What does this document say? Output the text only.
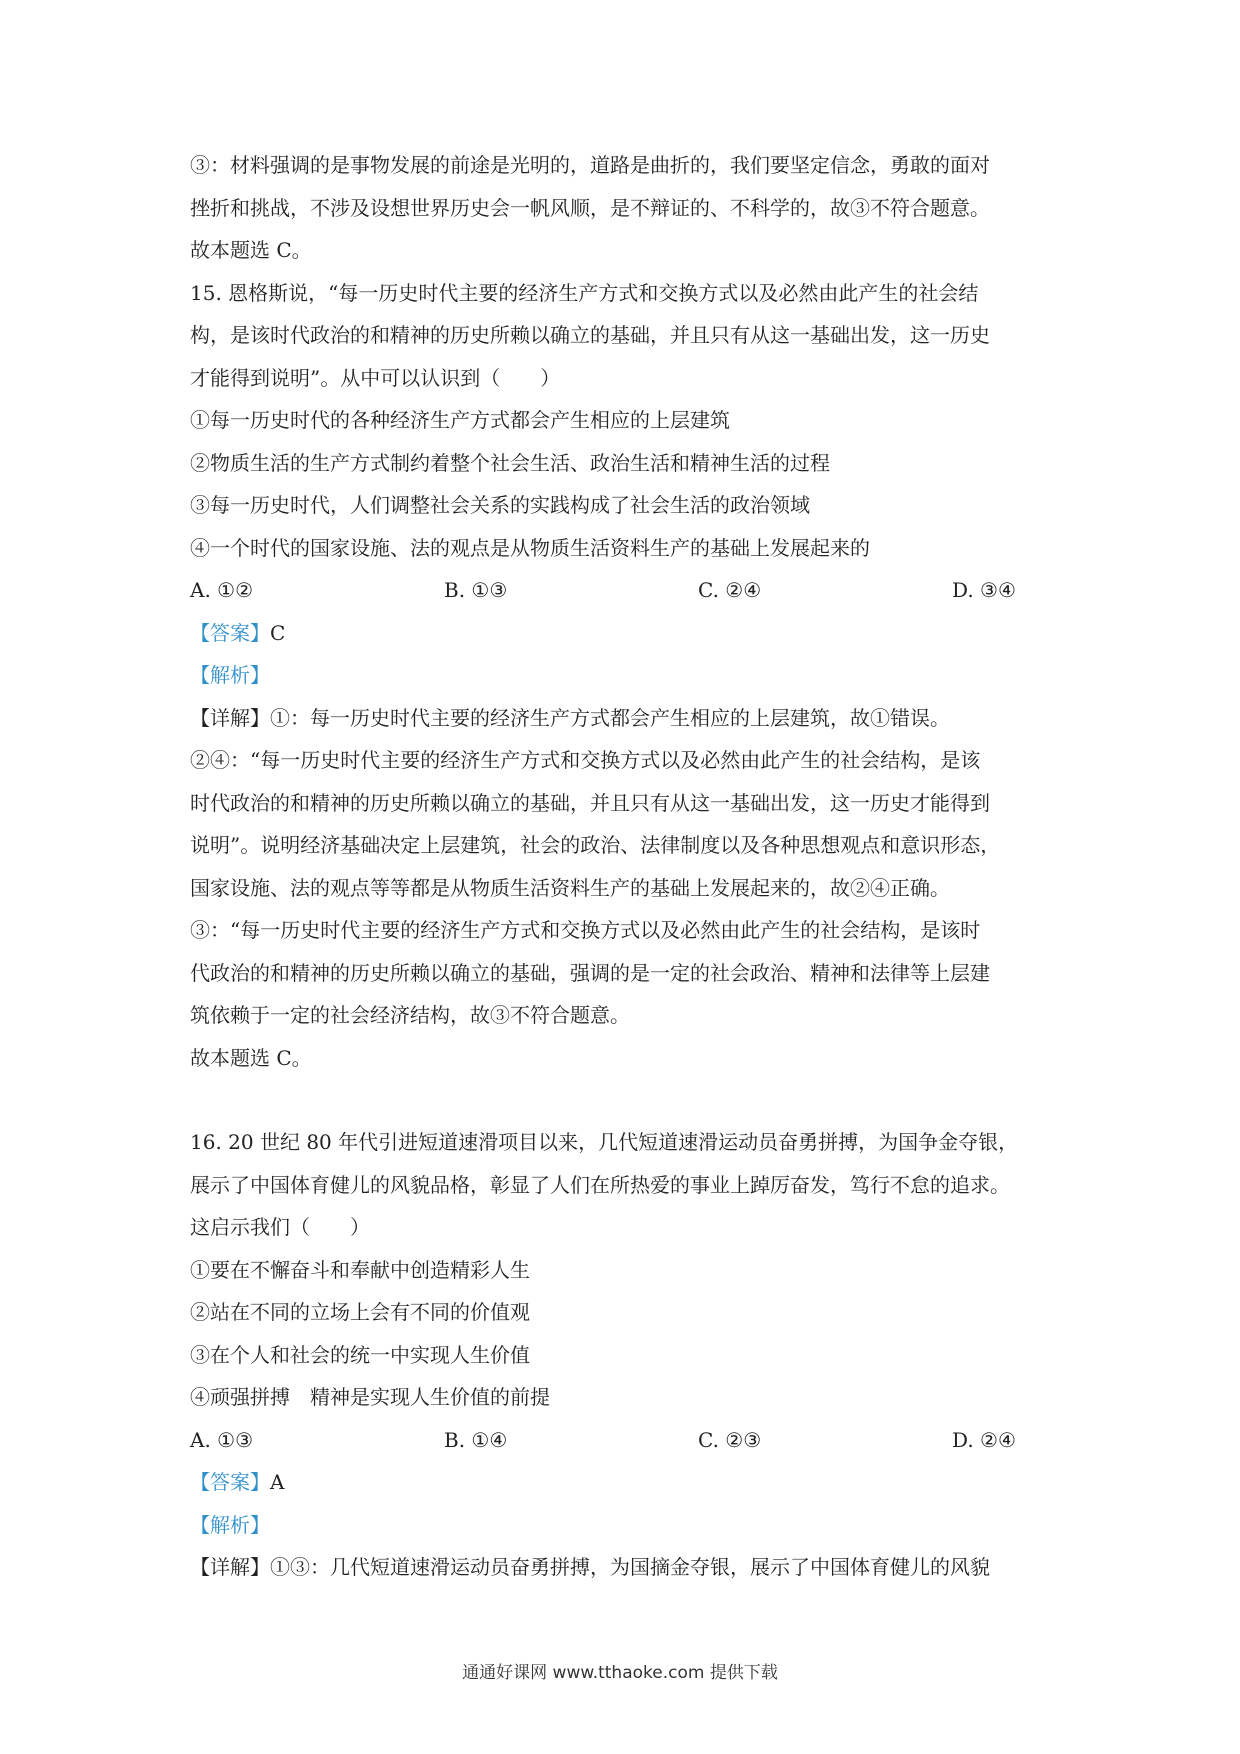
③：材料强调的是事物发展的前途是光明的，道路是曲折的，我们要坚定信念，勇敢的面对
挫折和挑战，不涉及设想世界历史会一帆风顺，是不辩证的、不科学的，故③不符合题意。
故本题选 C。
15. 恩格斯说，“每一历史时代主要的经济生产方式和交换方式以及必然由此产生的社会结
构，是该时代政治的和精神的历史所赖以确立的基础，并且只有从这一基础出发，这一历史
才能得到说明”。从中可以认识到（　　）
①每一历史时代的各种经济生产方式都会产生相应的上层建筑
②物质生活的生产方式制约着整个社会生活、政治生活和精神生活的过程
③每一历史时代，人们调整社会关系的实践构成了社会生活的政治领域
④一个时代的国家设施、法的观点是从物质生活资料生产的基础上发展起来的
A. ①②	B. ①③	C. ②④	D. ③④
【答案】C
【解析】
【详解】①：每一历史时代主要的经济生产方式都会产生相应的上层建筑，故①错误。
②④：“每一历史时代主要的经济生产方式和交换方式以及必然由此产生的社会结构，是该
时代政治的和精神的历史所赖以确立的基础，并且只有从这一基础出发，这一历史才能得到
说明”。说明经济基础决定上层建筑，社会的政治、法律制度以及各种思想观点和意识形态，
国家设施、法的观点等等都是从物质生活资料生产的基础上发展起来的，故②④正确。
③：“每一历史时代主要的经济生产方式和交换方式以及必然由此产生的社会结构，是该时
代政治的和精神的历史所赖以确立的基础，强调的是一定的社会政治、精神和法律等上层建
筑依赖于一定的社会经济结构，故③不符合题意。
故本题选 C。
16. 20 世纪 80 年代引进短道速滑项目以来，几代短道速滑运动员奋勇拼搏，为国争金夺银，
展示了中国体育健儿的风貌品格，彰显了人们在所热爱的事业上踔厉奋发，笃行不怠的追求。
这启示我们（　　）
①要在不懈奋斗和奉献中创造精彩人生
②站在不同的立场上会有不同的价值观
③在个人和社会的统一中实现人生价值
④顽强拼搏　精神是实现人生价值的前提
A. ①③	B. ①④	C. ②③	D. ②④
【答案】A
【解析】
【详解】①③：几代短道速滑运动员奋勇拼搏，为国摘金夺银，展示了中国体育健儿的风貌
通通好课网 www.tthaoke.com 提供下载
